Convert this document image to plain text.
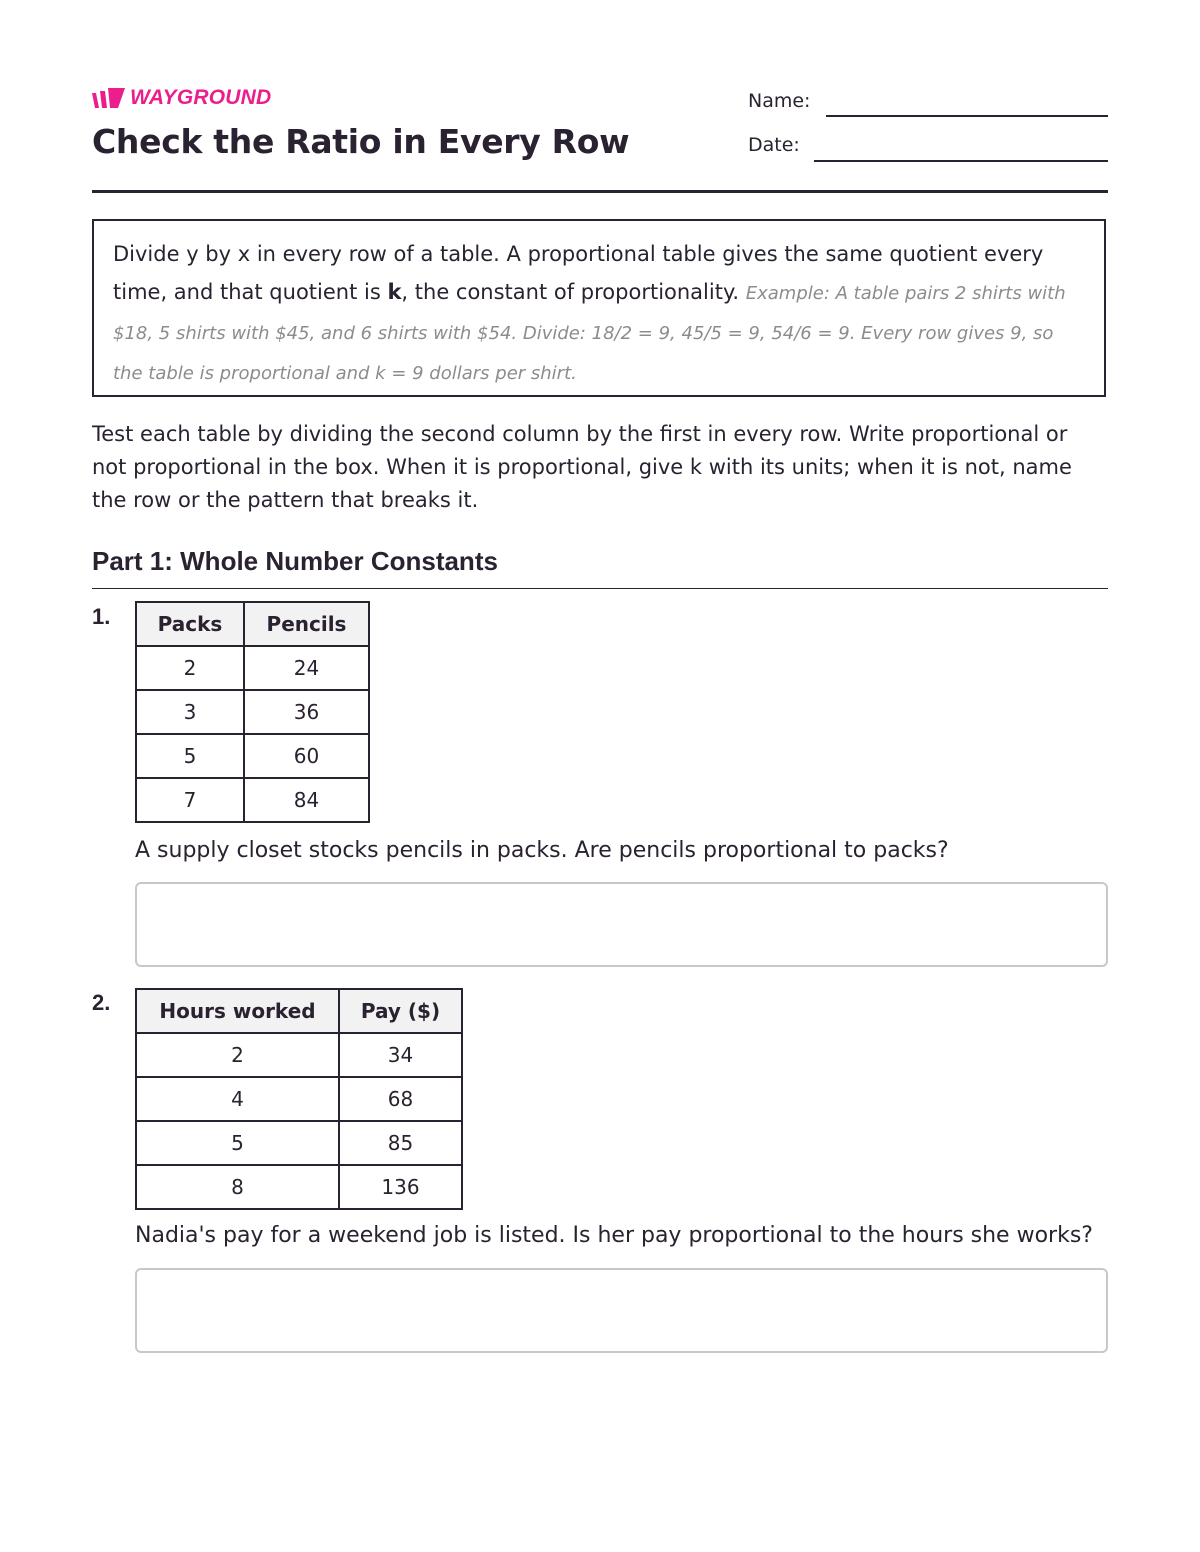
WAYGROUND
Check the Ratio in Every Row
Name:
Date:
Divide y by x in every row of a table. A proportional table gives the same quotient every time, and that quotient is k, the constant of proportionality. Example: A table pairs 2 shirts with $18, 5 shirts with $45, and 6 shirts with $54. Divide: 18/2 = 9, 45/5 = 9, 54/6 = 9. Every row gives 9, so the table is proportional and k = 9 dollars per shirt.

Test each table by dividing the second column by the first in every row. Write proportional or not proportional in the box. When it is proportional, give k with its units; when it is not, name the row or the pattern that breaks it.

Part 1: Whole Number Constants
1. Packs	Pencils
2	24
3	36
5	60
7	84

A supply closet stocks pencils in packs. Are pencils proportional to packs?

2. Hours worked	Pay ($)
2	34
4	68
5	85
8	136

Nadia's pay for a weekend job is listed. Is her pay proportional to the hours she works?
